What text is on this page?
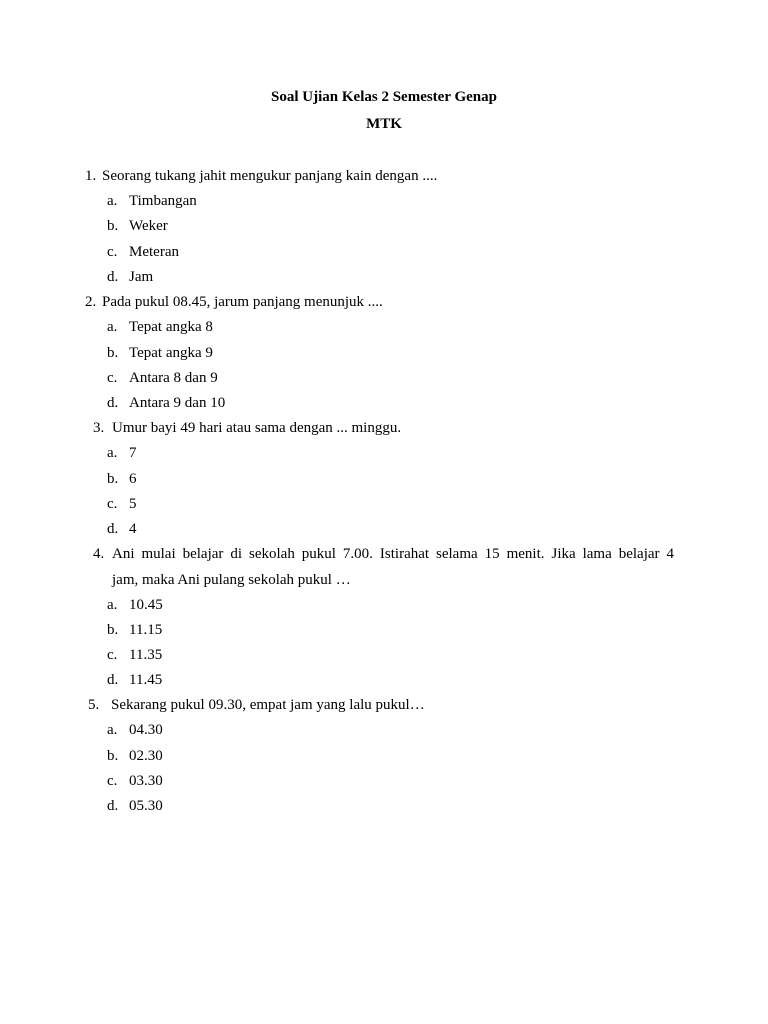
Soal Ujian Kelas 2 Semester Genap
MTK
1. Seorang tukang jahit mengukur panjang kain dengan ....
a. Timbangan
b. Weker
c. Meteran
d. Jam
2. Pada pukul 08.45, jarum panjang menunjuk ....
a. Tepat angka 8
b. Tepat angka 9
c. Antara 8 dan 9
d. Antara 9 dan 10
3. Umur bayi 49 hari atau sama dengan ... minggu.
a. 7
b. 6
c. 5
d. 4
4. Ani mulai belajar di sekolah pukul 7.00. Istirahat selama 15 menit. Jika lama belajar 4
jam, maka Ani pulang sekolah pukul …
a. 10.45
b. 11.15
c. 11.35
d. 11.45
5. Sekarang pukul 09.30, empat jam yang lalu pukul…
a. 04.30
b. 02.30
c. 03.30
d. 05.30
